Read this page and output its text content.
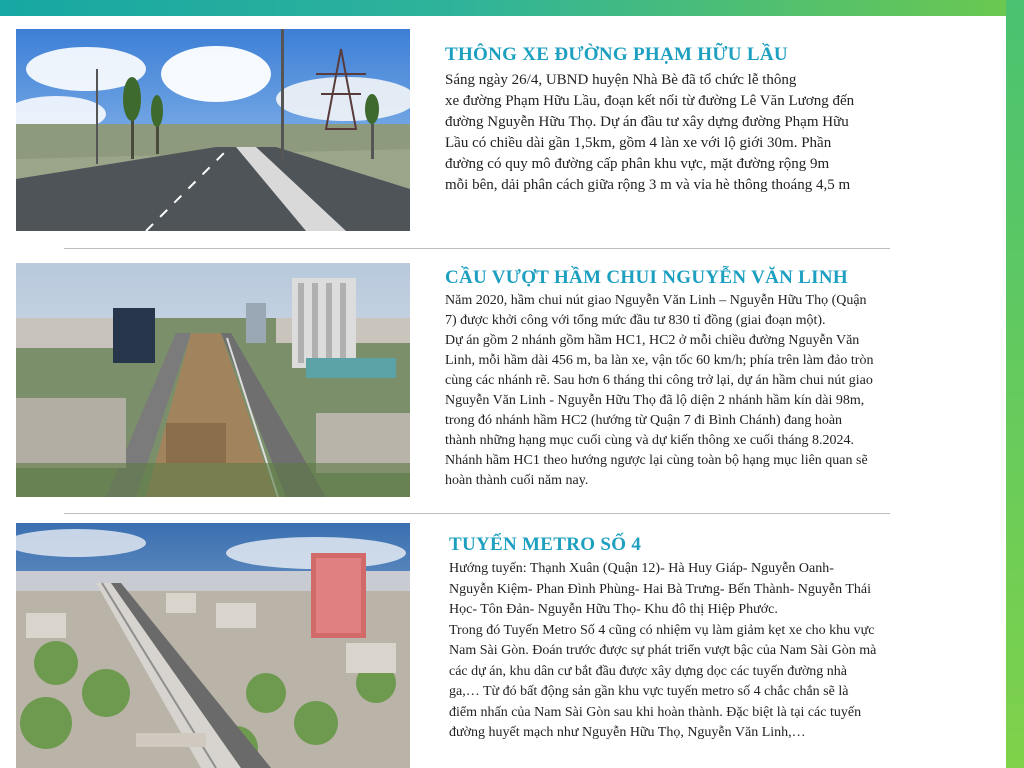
THÔNG XE ĐƯỜNG PHẠM HỮU LẦU

Sáng ngày 26/4, UBND huyện Nhà Bè đã tổ chức lễ thông
xe đường Phạm Hữu Lầu, đoạn kết nối từ đường Lê Văn Lương đến
đường Nguyễn Hữu Thọ. Dự án đầu tư xây dựng đường Phạm Hữu
Lầu có chiều dài gần 1,5km, gồm 4 làn xe với lộ giới 30m. Phần
đường có quy mô đường cấp phân khu vực, mặt đường rộng 9m
mỗi bên, dải phân cách giữa rộng 3 m và vỉa hè thông thoáng 4,5 m

CẦU VƯỢT HẦM CHUI NGUYỄN VĂN LINH

Năm 2020, hầm chui nút giao Nguyễn Văn Linh – Nguyễn Hữu Thọ (Quận
7) được khởi công với tổng mức đầu tư 830 tỉ đồng (giai đoạn một).
Dự án gồm 2 nhánh gồm hầm HC1, HC2 ở mỗi chiều đường Nguyễn Văn
Linh, mỗi hầm dài 456 m, ba làn xe, vận tốc 60 km/h; phía trên làm đảo tròn
cùng các nhánh rẽ. Sau hơn 6 tháng thi công trở lại, dự án hầm chui nút giao
Nguyễn Văn Linh - Nguyễn Hữu Thọ đã lộ diện 2 nhánh hầm kín dài 98m,
trong đó nhánh hầm HC2 (hướng từ Quận 7 đi Bình Chánh) đang hoàn
thành những hạng mục cuối cùng và dự kiến thông xe cuối tháng 8.2024.
Nhánh hầm HC1 theo hướng ngược lại cùng toàn bộ hạng mục liên quan sẽ
hoàn thành cuối năm nay.

TUYẾN METRO SỐ 4

Hướng tuyến: Thạnh Xuân (Quận 12)- Hà Huy Giáp- Nguyễn Oanh-
Nguyễn Kiệm- Phan Đình Phùng- Hai Bà Trưng- Bến Thành- Nguyễn Thái
Học- Tôn Đản- Nguyễn Hữu Thọ- Khu đô thị Hiệp Phước.
Trong đó Tuyến Metro Số 4 cũng có nhiệm vụ làm giảm kẹt xe cho khu vực
Nam Sài Gòn. Đoán trước được sự phát triển vượt bậc của Nam Sài Gòn mà
các dự án, khu dân cư bắt đầu được xây dựng dọc các tuyến đường nhà
ga,… Từ đó bất động sản gần khu vực tuyến metro số 4 chắc chắn sẽ là
điểm nhấn của Nam Sài Gòn sau khi hoàn thành. Đặc biệt là tại các tuyến
đường huyết mạch như Nguyễn Hữu Thọ, Nguyễn Văn Linh,…
